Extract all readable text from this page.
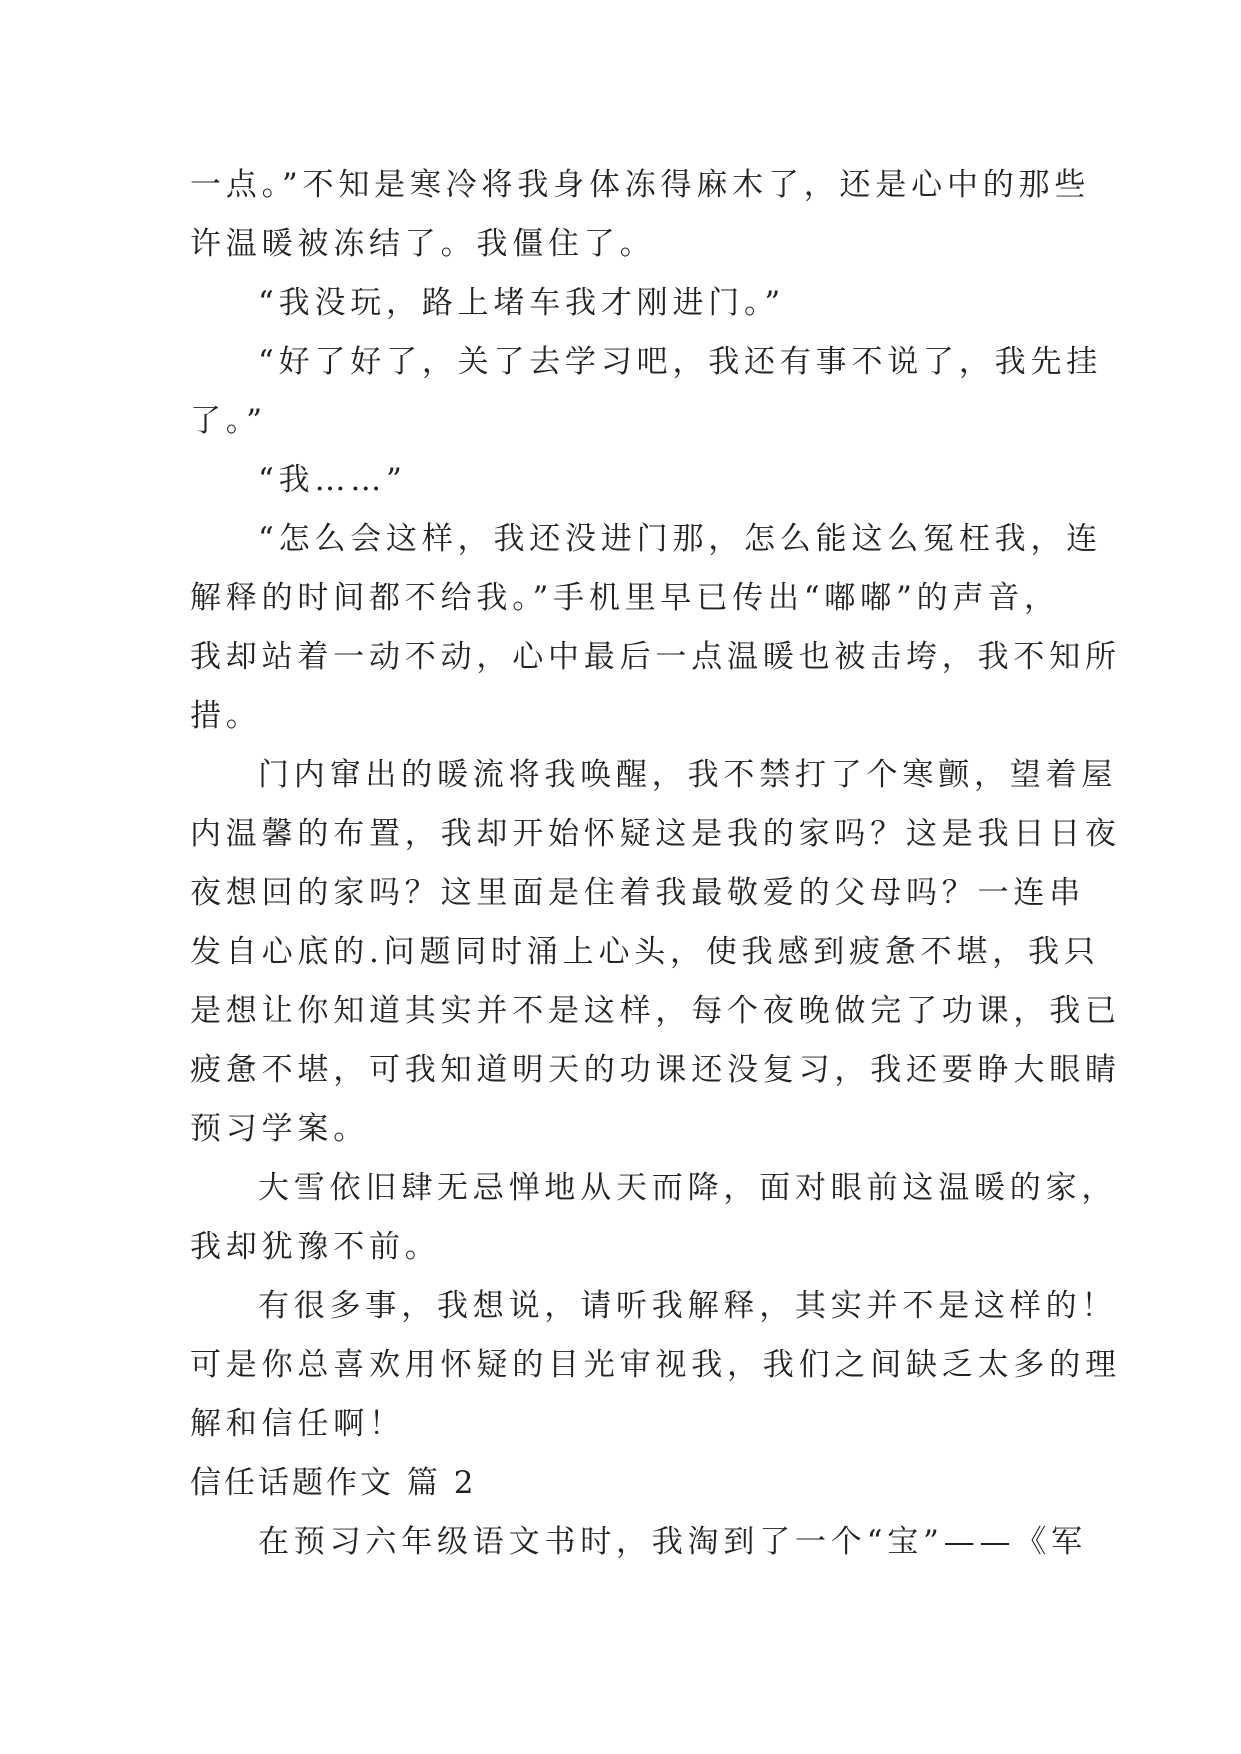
一点。”不知是寒冷将我身体冻得麻木了，还是心中的那些
许温暖被冻结了。我僵住了。
“我没玩，路上堵车我才刚进门。”
“好了好了，关了去学习吧，我还有事不说了，我先挂
了。”
“我……”
“怎么会这样，我还没进门那，怎么能这么冤枉我，连
解释的时间都不给我。”手机里早已传出“嘟嘟”的声音，
我却站着一动不动，心中最后一点温暖也被击垮，我不知所
措。
门内窜出的暖流将我唤醒，我不禁打了个寒颤，望着屋
内温馨的布置，我却开始怀疑这是我的家吗？这是我日日夜
夜想回的家吗？这里面是住着我最敬爱的父母吗？一连串
发自心底的.问题同时涌上心头，使我感到疲惫不堪，我只
是想让你知道其实并不是这样，每个夜晚做完了功课，我已
疲惫不堪，可我知道明天的功课还没复习，我还要睁大眼睛
预习学案。
大雪依旧肆无忌惮地从天而降，面对眼前这温暖的家，
我却犹豫不前。
有很多事，我想说，请听我解释，其实并不是这样的！
可是你总喜欢用怀疑的目光审视我，我们之间缺乏太多的理
解和信任啊！
信任话题作文 篇 2
在预习六年级语文书时，我淘到了一个“宝”——《军
